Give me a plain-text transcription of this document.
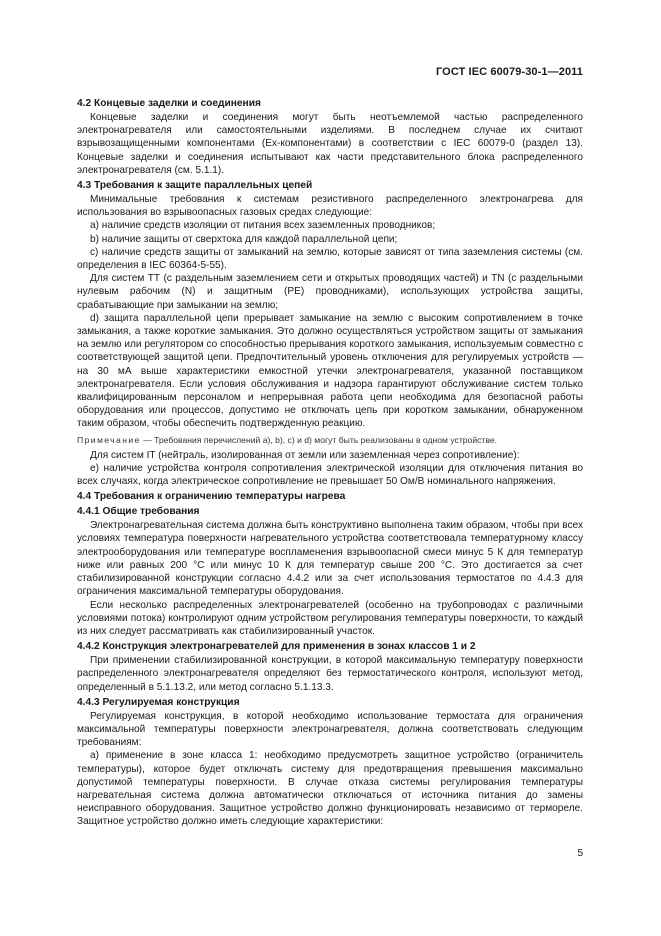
ГОСТ IEC 60079-30-1—2011
4.2 Концевые заделки и соединения

Концевые заделки и соединения могут быть неотъемлемой частью распределенного электронагревателя или самостоятельными изделиями. В последнем случае их считают взрывозащищенными компонентами (Ex-компонентами) в соответствии с IEC 60079-0 (раздел 13). Концевые заделки и соединения испытывают как части представительного блока распределенного электронагревателя (см. 5.1.1).

4.3 Требования к защите параллельных цепей

Минимальные требования к системам резистивного распределенного электронагрева для использования во взрывоопасных газовых средах следующие:

a) наличие средств изоляции от питания всех заземленных проводников;

b) наличие защиты от сверхтока для каждой параллельной цепи;

c) наличие средств защиты от замыканий на землю, которые зависят от типа заземления системы (см. определения в IEC 60364-5-55).

Для систем ТТ (с раздельным заземлением сети и открытых проводящих частей) и TN (с раздельными нулевым рабочим (N) и защитным (PE) проводниками), использующих устройства защиты, срабатывающие при замыкании на землю;

d) защита параллельной цепи прерывает замыкание на землю с высоким сопротивлением в точке замыкания, а также короткие замыкания. Это должно осуществляться устройством защиты от замыкания на землю или регулятором со способностью прерывания короткого замыкания, используемым совместно с соответствующей защитой цепи. Предпочтительный уровень отключения для регулируемых устройств — на 30 мА выше характеристики емкостной утечки электронагревателя, указанной поставщиком электронагревателя. Если условия обслуживания и надзора гарантируют обслуживание систем только квалифицированным персоналом и непрерывная работа цепи необходима для безопасной работы оборудования или процессов, допустимо не отключать цепь при коротком замыкании, обнаруженном таким образом, чтобы обеспечить подтвержденную реакцию.

Примечание — Требования перечислений a), b), c) и d) могут быть реализованы в одном устройстве.

Для систем IT (нейтраль, изолированная от земли или заземленная через сопротивление):

e) наличие устройства контроля сопротивления электрической изоляции для отключения питания во всех случаях, когда электрическое сопротивление не превышает 50 Ом/В номинального напряжения.

4.4 Требования к ограничению температуры нагрева
4.4.1 Общие требования

Электронагревательная система должна быть конструктивно выполнена таким образом, чтобы при всех условиях температура поверхности нагревательного устройства соответствовала температурному классу электрооборудования или температуре воспламенения взрывоопасной смеси минус 5 К для температур ниже или равных 200 °С или минус 10 К для температур свыше 200 °С. Это достигается за счет стабилизированной конструкции согласно 4.4.2 или за счет использования термостатов по 4.4.3 для ограничения максимальной температуры оборудования.

Если несколько распределенных электронагревателей (особенно на трубопроводах с различными условиями потока) контролируют одним устройством регулирования температуры поверхности, то каждый из них следует рассматривать как стабилизированный участок.

4.4.2 Конструкция электронагревателей для применения в зонах классов 1 и 2

При применении стабилизированной конструкции, в которой максимальную температуру поверхности распределенного электронагревателя определяют без термостатического контроля, используют метод, определенный в 5.1.13.2, или метод согласно 5.1.13.3.

4.4.3 Регулируемая конструкция

Регулируемая конструкция, в которой необходимо использование термостата для ограничения максимальной температуры поверхности электронагревателя, должна соответствовать следующим требованиям:

a) применение в зоне класса 1: необходимо предусмотреть защитное устройство (ограничитель температуры), которое будет отключать систему для предотвращения превышения максимально допустимой температуры поверхности. В случае отказа системы регулирования температуры нагревательная система должна автоматически отключаться от источника питания до замены неисправного оборудования. Защитное устройство должно функционировать независимо от термореле. Защитное устройство должно иметь следующие характеристики:

5
